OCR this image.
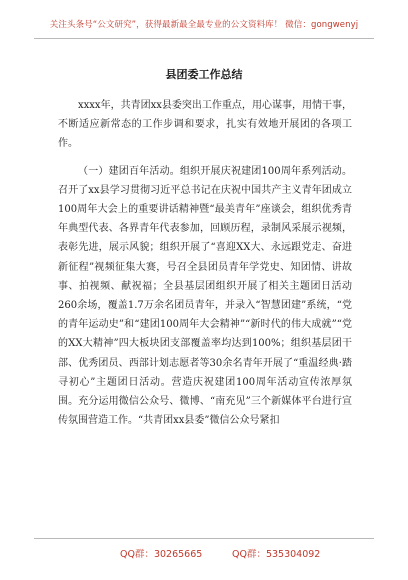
关注头条号“公文研究”，获得最新最全最专业的公文资料库！ 微信：gongwenyj
县团委工作总结

xxxx年，共青团xx县委突出工作重点，用心谋事，用情干事，不断适应新常态的工作步调和要求，扎实有效地开展团的各项工作。

（一）建团百年活动。组织开展庆祝建团100周年系列活动。召开了xx县学习贯彻习近平总书记在庆祝中国共产主义青年团成立100周年大会上的重要讲话精神暨“最美青年”座谈会，组织优秀青年典型代表、各界青年代表参加，回顾历程，录制风采展示视频，表彰先进，展示风貌；组织开展了“喜迎XX大、永远跟党走、奋进新征程”视频征集大赛，号召全县团员青年学党史、知团情、讲故事、拍视频、献祝福；全县基层团组织开展了相关主题团日活动260余场，覆盖1.7万余名团员青年，并录入“智慧团建”系统，“党的青年运动史”和“建团100周年大会精神”“新时代的伟大成就”“党的XX大精神”四大板块团支部覆盖率均达到100%；组织基层团干部、优秀团员、西部计划志愿者等30余名青年开展了“重温经典·踏寻初心”主题团日活动。营造庆祝建团100周年活动宣传浓厚氛围。充分运用微信公众号、微博、“南充见”三个新媒体平台进行宣传氛围营造工作。“共青团xx县委”微信公众号紧扣

QQ群：30265665	QQ群：535304092
